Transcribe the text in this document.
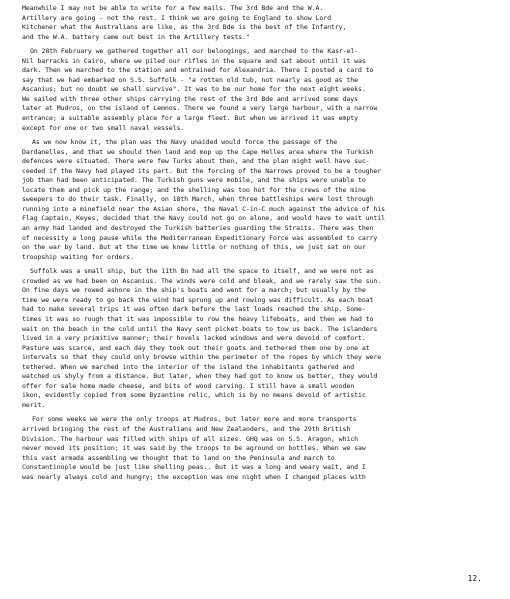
Meanwhile I may not be able to write for a few mails. The 3rd Bde and the W.A.
Artillery are going - not the rest. I think we are going to England to show Lord
Kitchener what the Australians are like, as the 3rd Bde is the best of the Infantry,
and the W.A. battery came out best in the Artillery tests."
On 28th February we gathered together all our belongings, and marched to the Kasr-el-
Nil barracks in Cairo, where we piled our rifles in the square and sat about until it was
dark. Then we marched to the station and entrained for Alexandria. There I posted a card to
say that we had embarked on S.S. Suffolk - "a rotten old tub, not nearly as good as the
Ascanius; but no doubt we shall survive". It was to be our home for the next eight weeks.
We sailed with three other ships carrying the rest of the 3rd Bde and arrived some days
later at Mudros, on the island of Lemnos. There we found a very large harbour, with a narrow
entrance; a suitable assembly place for a large fleet. But when we arrived it was empty
except for one or two small naval vessels.
As we now know it, the plan was the Navy unaided would force the passage of the
Dardanelles, and that we should then land and mop up the Cape Helles area where the Turkish
defences were situated. There were few Turks about then, and the plan might well have suc-
ceeded if the Navy had played its part. But the forcing of the Narrows proved to be a tougher
job than had been anticipated. The Turkish guns were mobile, and the ships were unable to
locate them and pick up the range; and the shelling was too hot for the crews of the mine
sweepers to do their task. Finally, on 18th March, when three battleships were lost through
running into a minefield near the Asian shore, the Naval C-in-C much against the advice of his
Flag Captain, Keyes, decided that the Navy could not go on alone, and would have to wait until
an army had landed and destroyed the Turkish batteries guarding the Straits. There was then
of necessity a long pause while the Mediterranean Expeditionary Force was assembled to carry
on the war by land. But at the time we knew little or nothing of this, we just sat on our
troopship waiting for orders.
Suffolk was a small ship, but the 11th Bn had all the space to itself, and we were not as
crowded as we had been on Ascanius. The winds were cold and bleak, and we rarely saw the sun.
On fine days we rowed ashore in the ship's boats and went for a march; but usually by the
time we were ready to go back the wind had sprung up and rowing was difficult. As each boat
had to make several trips it was often dark before the last loads reached the ship. Some-
times it was so rough that it was impossible to row the heavy lifeboats, and then we had to
wait on the beach in the cold until the Navy sent picket boats to tow us back. The islanders
lived in a very primitive manner; their hovels lacked windows and were devoid of comfort.
Pasture was scarce, and each day they took out their goats and tethered them one by one at
intervals so that they could only browse within the perimeter of the ropes by which they were
tethered. When we marched into the interior of the island the inhabitants gathered and
watched us shyly from a distance. But later, when they had got to know us better, they would
offer for sale home made cheese, and bits of wood carving. I still have a small wooden
ikon, evidently copied from some Byzantine relic, which is by no means devoid of artistic
merit.
For some weeks we were the only troops at Mudros, but later more and more transports
arrived bringing the rest of the Australians and New Zealanders, and the 29th British
Division. The harbour was filled with ships of all sizes. GHQ was on S.S. Aragon, which
never moved its position; it was said by the troops to be aground on bottles. When we saw
this vast armada assembling we thought that to land on the Peninsula and march to
Constantinople would be just like shelling peas.. But it was a long and weary wait, and I
was nearly always cold and hungry; the exception was one night when I changed places with
12.
